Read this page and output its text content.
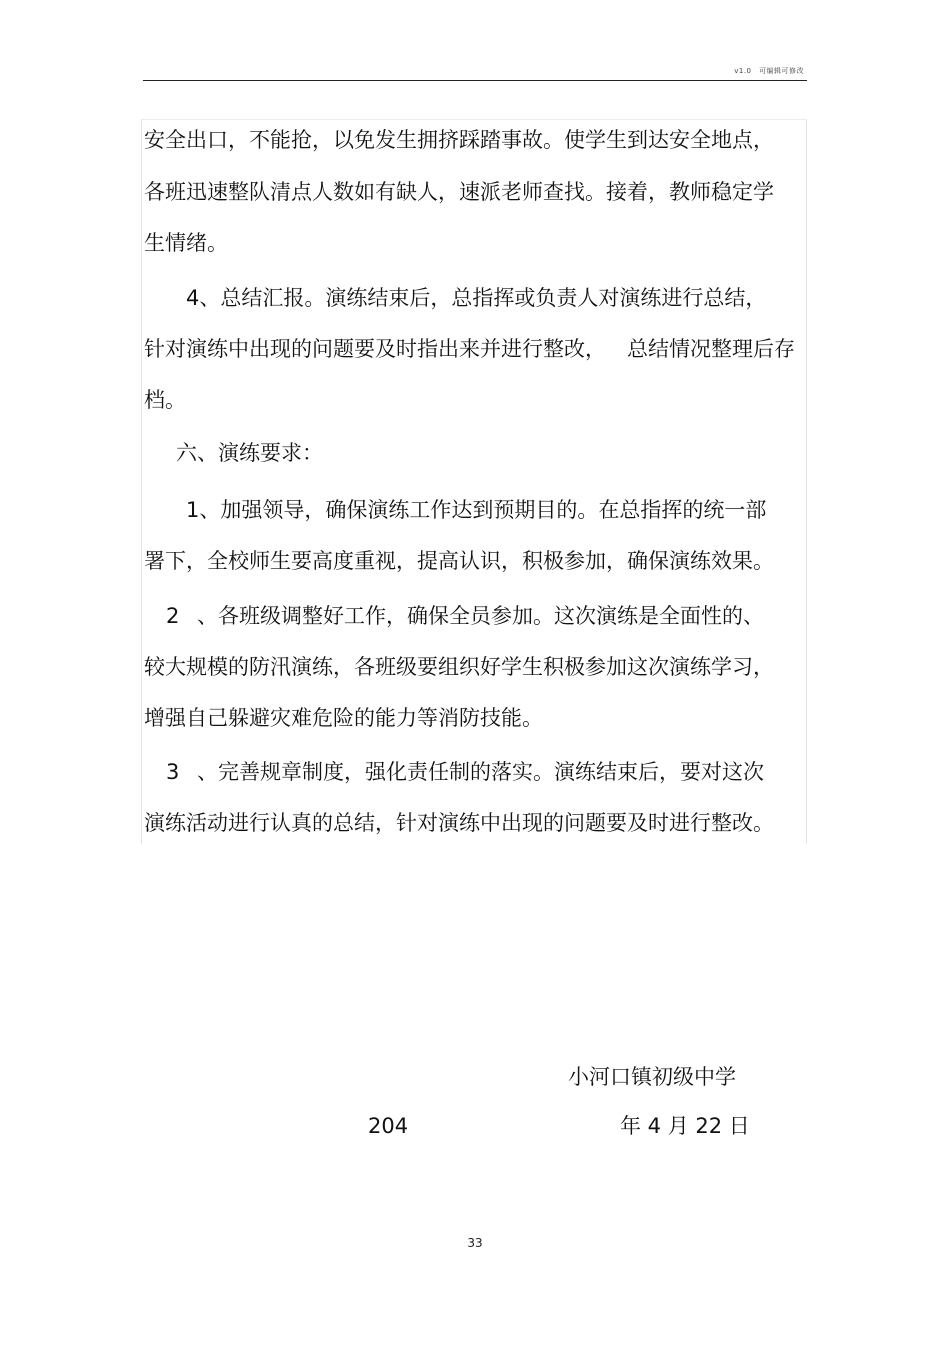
v1.0　可编辑可修改
安全出口，不能抢，以免发生拥挤踩踏事故。使学生到达安全地点，
各班迅速整队清点人数如有缺人，速派老师查找。接着，教师稳定学
生情绪。
4、总结汇报。演练结束后，总指挥或负责人对演练进行总结，
针对演练中出现的问题要及时指出来并进行整改， 总结情况整理后存
档。
六、演练要求：
1、加强领导，确保演练工作达到预期目的。在总指挥的统一部
署下，全校师生要高度重视，提高认识，积极参加，确保演练效果。
2 、各班级调整好工作，确保全员参加。这次演练是全面性的、
较大规模的防汛演练，各班级要组织好学生积极参加这次演练学习，
增强自己躲避灾难危险的能力等消防技能。
3 、完善规章制度，强化责任制的落实。演练结束后，要对这次
演练活动进行认真的总结，针对演练中出现的问题要及时进行整改。
小河口镇初级中学
204	年 4 月 22 日
33
